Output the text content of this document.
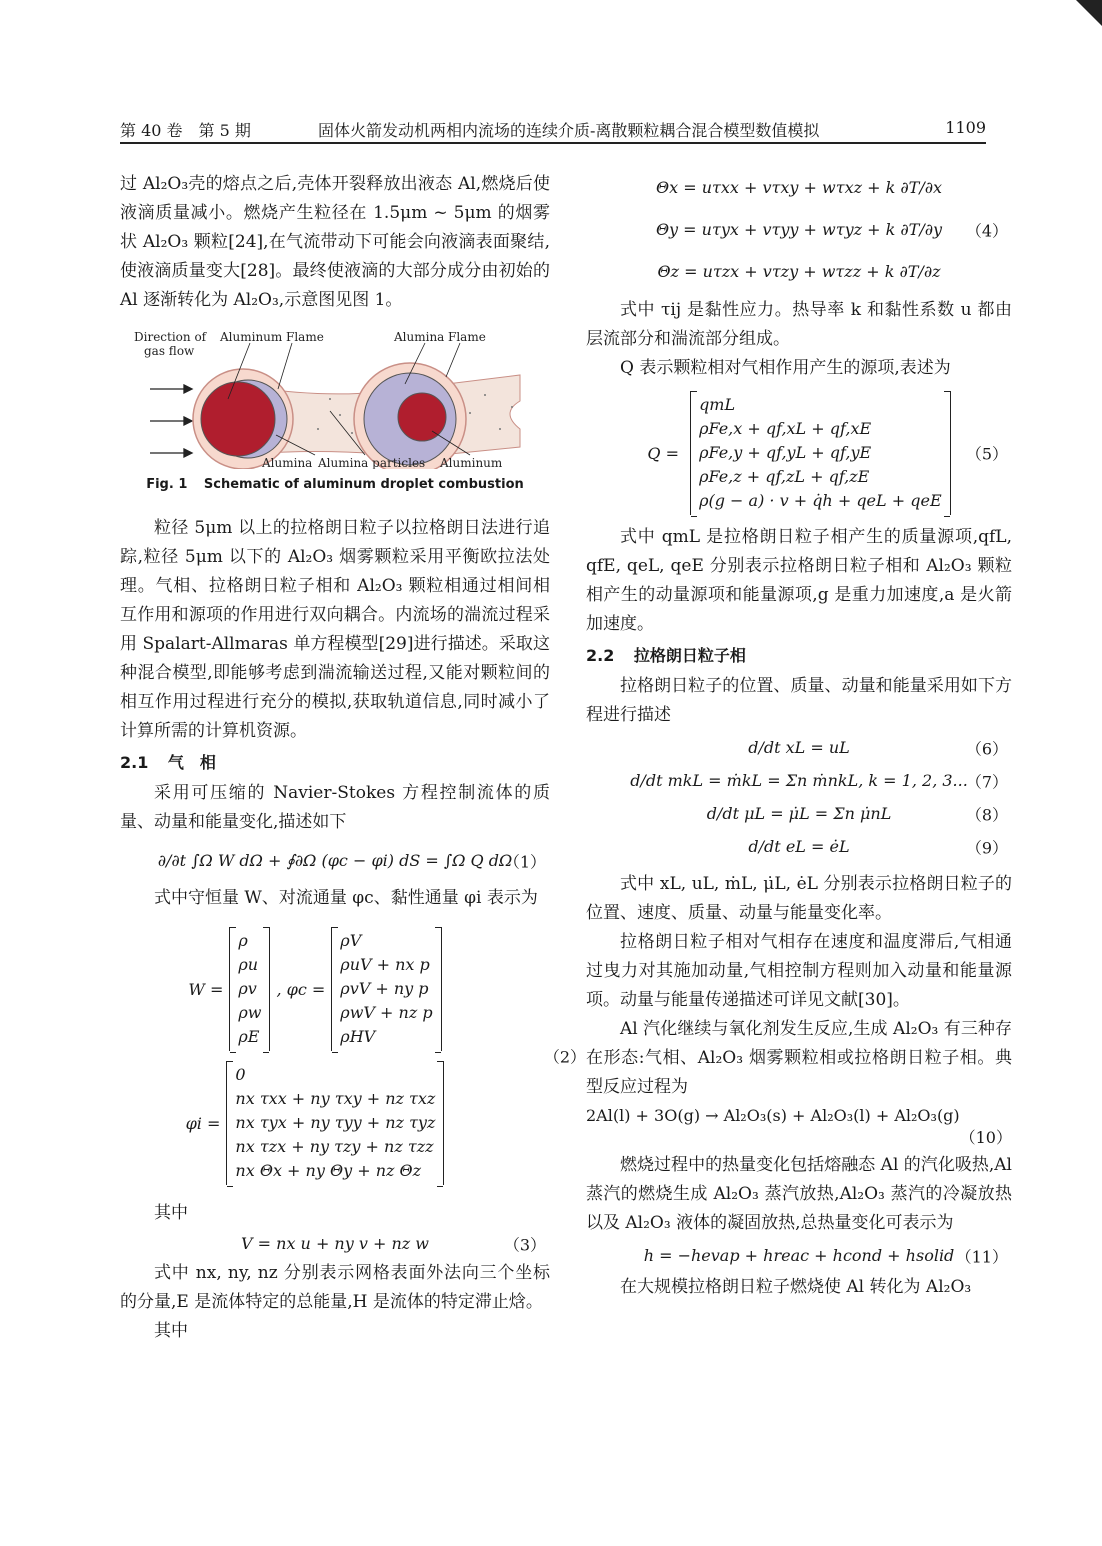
第 40 卷　第 5 期	固体火箭发动机两相内流场的连续介质-离散颗粒耦合混合模型数值模拟	1109

过 Al₂O₃壳的熔点之后,壳体开裂释放出液态 Al,燃烧后使液滴质量减小。燃烧产生粒径在 1.5μm ~ 5μm 的烟雾状 Al₂O₃ 颗粒[24],在气流带动下可能会向液滴表面聚结,使液滴质量变大[28]。最终使液滴的大部分成分由初始的 Al 逐渐转化为 Al₂O₃,示意图见图 1。

Direction of
gas flow
Aluminum Flame	Alumina Flame
Alumina Alumina particles Aluminum
Fig. 1 Schematic of aluminum droplet combustion

粒径 5μm 以上的拉格朗日粒子以拉格朗日法进行追踪,粒径 5μm 以下的 Al₂O₃ 烟雾颗粒采用平衡欧拉法处理。气相、拉格朗日粒子相和 Al₂O₃ 颗粒相通过相间相互作用和源项的作用进行双向耦合。内流场的湍流过程采用 Spalart-Allmaras 单方程模型[29]进行描述。采取这种混合模型,即能够考虑到湍流输送过程,又能对颗粒间的相互作用过程进行充分的模拟,获取轨道信息,同时减小了计算所需的计算机资源。

2.1 气　相

采用可压缩的 Navier-Stokes 方程控制流体的质量、动量和能量变化,描述如下

∂/∂t ∫Ω W dΩ + ∮∂Ω (φc − φi) dS = ∫Ω Q dΩ
（1）

式中守恒量 W、对流通量 φc、黏性通量 φi 表示为

W =
ρ
ρu
ρv
ρw
ρE
, φc =
ρV
ρuV + nx p
ρvV + ny p
ρwV + nz p
ρHV
φi =
0
nx τxx + ny τxy + nz τxz
nx τyx + ny τyy + nz τyz
nx τzx + ny τzy + nz τzz
nx Θx + ny Θy + nz Θz
（2）

其中

V = nx u + ny v + nz w	（3）

式中 nx, ny, nz 分别表示网格表面外法向三个坐标的分量,E 是流体特定的总能量,H 是流体的特定滞止焓。

其中

Θx = uτxx + vτxy + wτxz + k ∂T/∂x
Θy = uτyx + vτyy + wτyz + k ∂T/∂y
Θz = uτzx + vτzy + wτzz + k ∂T/∂z
（4）

式中 τij 是黏性应力。热导率 k 和黏性系数 u 都由层流部分和湍流部分组成。

Q 表示颗粒相对气相作用产生的源项,表述为

Q =
qmL
ρFe,x + qf,xL + qf,xE
ρFe,y + qf,yL + qf,yE
ρFe,z + qf,zL + qf,zE
ρ(g − a) · v + q̇h + qeL + qeE
（5）

式中 qmL 是拉格朗日粒子相产生的质量源项,qfL, qfE, qeL, qeE 分别表示拉格朗日粒子相和 Al₂O₃ 颗粒相产生的动量源项和能量源项,g 是重力加速度,a 是火箭加速度。

2.2 拉格朗日粒子相

拉格朗日粒子的位置、质量、动量和能量采用如下方程进行描述

d/dt xL = uL	（6）
d/dt mkL = ṁkL = Σn ṁnkL, k = 1, 2, 3...
（7）
d/dt μL = μ̇L = Σn μ̇nL	（8）
d/dt eL = ėL	（9）

式中 xL, uL, ṁL, μ̇L, ėL 分别表示拉格朗日粒子的位置、速度、质量、动量与能量变化率。

拉格朗日粒子相对气相存在速度和温度滞后,气相通过曳力对其施加动量,气相控制方程则加入动量和能量源项。动量与能量传递描述可详见文献[30]。

Al 汽化继续与氧化剂发生反应,生成 Al₂O₃ 有三种存在形态:气相、Al₂O₃ 烟雾颗粒相或拉格朗日粒子相。典型反应过程为

2Al(l) + 3O(g) → Al₂O₃(s) + Al₂O₃(l) + Al₂O₃(g)
（10）

燃烧过程中的热量变化包括熔融态 Al 的汽化吸热,Al 蒸汽的燃烧生成 Al₂O₃ 蒸汽放热,Al₂O₃ 蒸汽的冷凝放热以及 Al₂O₃ 液体的凝固放热,总热量变化可表示为

h = −hevap + hreac + hcond + hsolid （11）

在大规模拉格朗日粒子燃烧使 Al 转化为 Al₂O₃
